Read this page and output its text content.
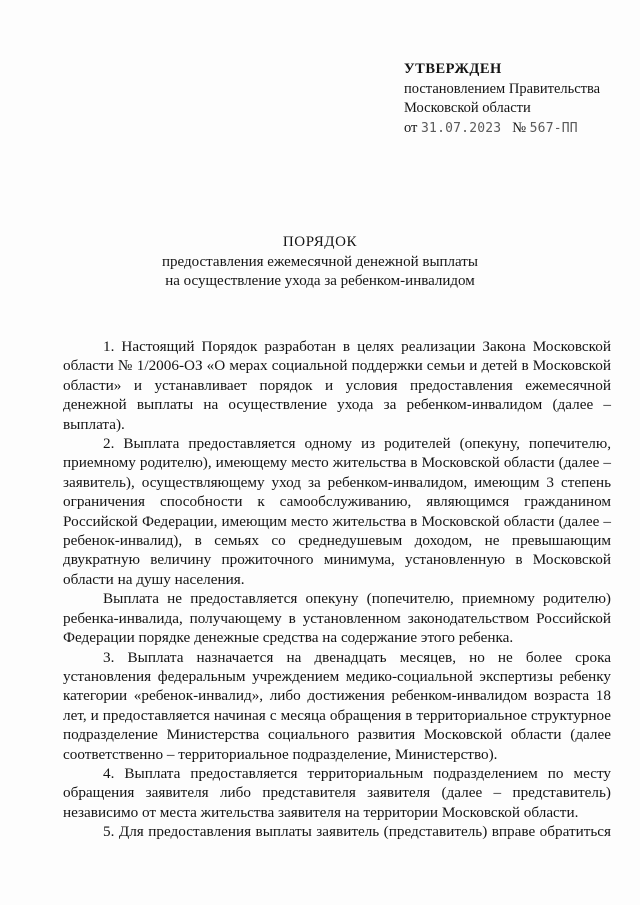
УТВЕРЖДЕН
постановлением Правительства
Московской области
от 31.07.2023 № 567-ПП
ПОРЯДОК
предоставления ежемесячной денежной выплаты
на осуществление ухода за ребенком-инвалидом

1. Настоящий Порядок разработан в целях реализации Закона Московской области № 1/2006-ОЗ «О мерах социальной поддержки семьи и детей в Московской области» и устанавливает порядок и условия предоставления ежемесячной денежной выплаты на осуществление ухода за ребенком-инвалидом (далее – выплата).

2. Выплата предоставляется одному из родителей (опекуну, попечителю, приемному родителю), имеющему место жительства в Московской области (далее – заявитель), осуществляющему уход за ребенком-инвалидом, имеющим 3 степень ограничения способности к самообслуживанию, являющимся гражданином Российской Федерации, имеющим место жительства в Московской области (далее – ребенок-инвалид), в семьях со среднедушевым доходом, не превышающим двукратную величину прожиточного минимума, установленную в Московской области на душу населения.

Выплата не предоставляется опекуну (попечителю, приемному родителю) ребенка-инвалида, получающему в установленном законодательством Российской Федерации порядке денежные средства на содержание этого ребенка.

3. Выплата назначается на двенадцать месяцев, но не более срока установления федеральным учреждением медико-социальной экспертизы ребенку категории «ребенок-инвалид», либо достижения ребенком-инвалидом возраста 18 лет, и предоставляется начиная с месяца обращения в территориальное структурное подразделение Министерства социального развития Московской области (далее соответственно – территориальное подразделение, Министерство).

4. Выплата предоставляется территориальным подразделением по месту обращения заявителя либо представителя заявителя (далее – представитель) независимо от места жительства заявителя на территории Московской области.

5. Для предоставления выплаты заявитель (представитель) вправе обратиться
